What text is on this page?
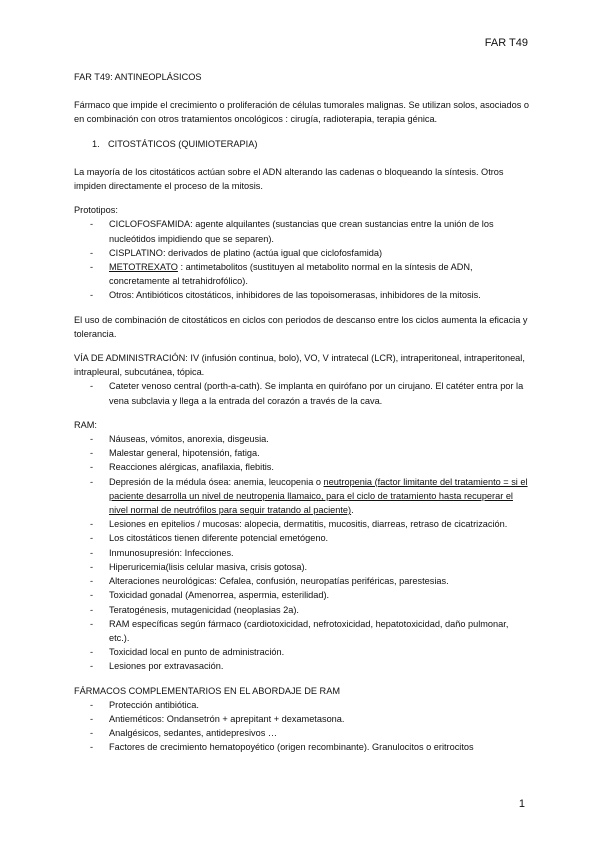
FAR T49

FAR T49: ANTINEOPLÁSICOS

Fármaco que impide el crecimiento o proliferación de células tumorales malignas. Se utilizan solos, asociados o en combinación con otros tratamientos oncológicos : cirugía, radioterapia, terapia génica.

1. CITOSTÁTICOS (QUIMIOTERAPIA)

La mayoría de los citostáticos actúan sobre el ADN alterando las cadenas o bloqueando la síntesis. Otros impiden directamente el proceso de la mitosis.

Prototipos:

- CICLOFOSFAMIDA: agente alquilantes (sustancias que crean sustancias entre la unión de los nucleótidos impidiendo que se separen).
- CISPLATINO: derivados de platino (actúa igual que ciclofosfamida)
- METOTREXATO : antimetabolitos (sustituyen al metabolito normal en la síntesis de ADN, concretamente al tetrahidrofólico).
- Otros: Antibióticos citostáticos, inhibidores de las topoisomerasas, inhibidores de la mitosis.

El uso de combinación de citostáticos en ciclos con periodos de descanso entre los ciclos aumenta la eficacia y tolerancia.

VÍA DE ADMINISTRACIÓN: IV (infusión continua, bolo), VO, V intratecal (LCR), intraperitoneal, intraperitoneal, intrapleural, subcutánea, tópica.

- Cateter venoso central (porth-a-cath). Se implanta en quirófano por un cirujano. El catéter entra por la vena subclavia y llega a la entrada del corazón a través de la cava.

RAM:

- Náuseas, vómitos, anorexia, disgeusia.
- Malestar general, hipotensión, fatiga.
- Reacciones alérgicas, anafilaxia, flebitis.
- Depresión de la médula ósea: anemia, leucopenia o neutropenia (factor limitante del tratamiento = si el paciente desarrolla un nivel de neutropenia llamaico, para el ciclo de tratamiento hasta recuperar el nivel normal de neutrófilos para seguir tratando al paciente).
- Lesiones en epitelios / mucosas: alopecia, dermatitis, mucositis, diarreas, retraso de cicatrización.
- Los citostáticos tienen diferente potencial emetógeno.
- Inmunosupresión: Infecciones.
- Hiperuricemia(lisis celular masiva, crisis gotosa).
- Alteraciones neurológicas: Cefalea, confusión, neuropatías periféricas, parestesias.
- Toxicidad gonadal (Amenorrea, aspermia, esterilidad).
- Teratogénesis, mutagenicidad (neoplasias 2a).
- RAM específicas según fármaco (cardiotoxicidad, nefrotoxicidad, hepatotoxicidad, daño pulmonar, etc.).
- Toxicidad local en punto de administración.
- Lesiones por extravasación.

FÁRMACOS COMPLEMENTARIOS EN EL ABORDAJE DE RAM

- Protección antibiótica.
- Antieméticos: Ondansetrón + aprepitant + dexametasona.
- Analgésicos, sedantes, antidepresivos …
- Factores de crecimiento hematopoyético (origen recombinante). Granulocitos o eritrocitos
1
